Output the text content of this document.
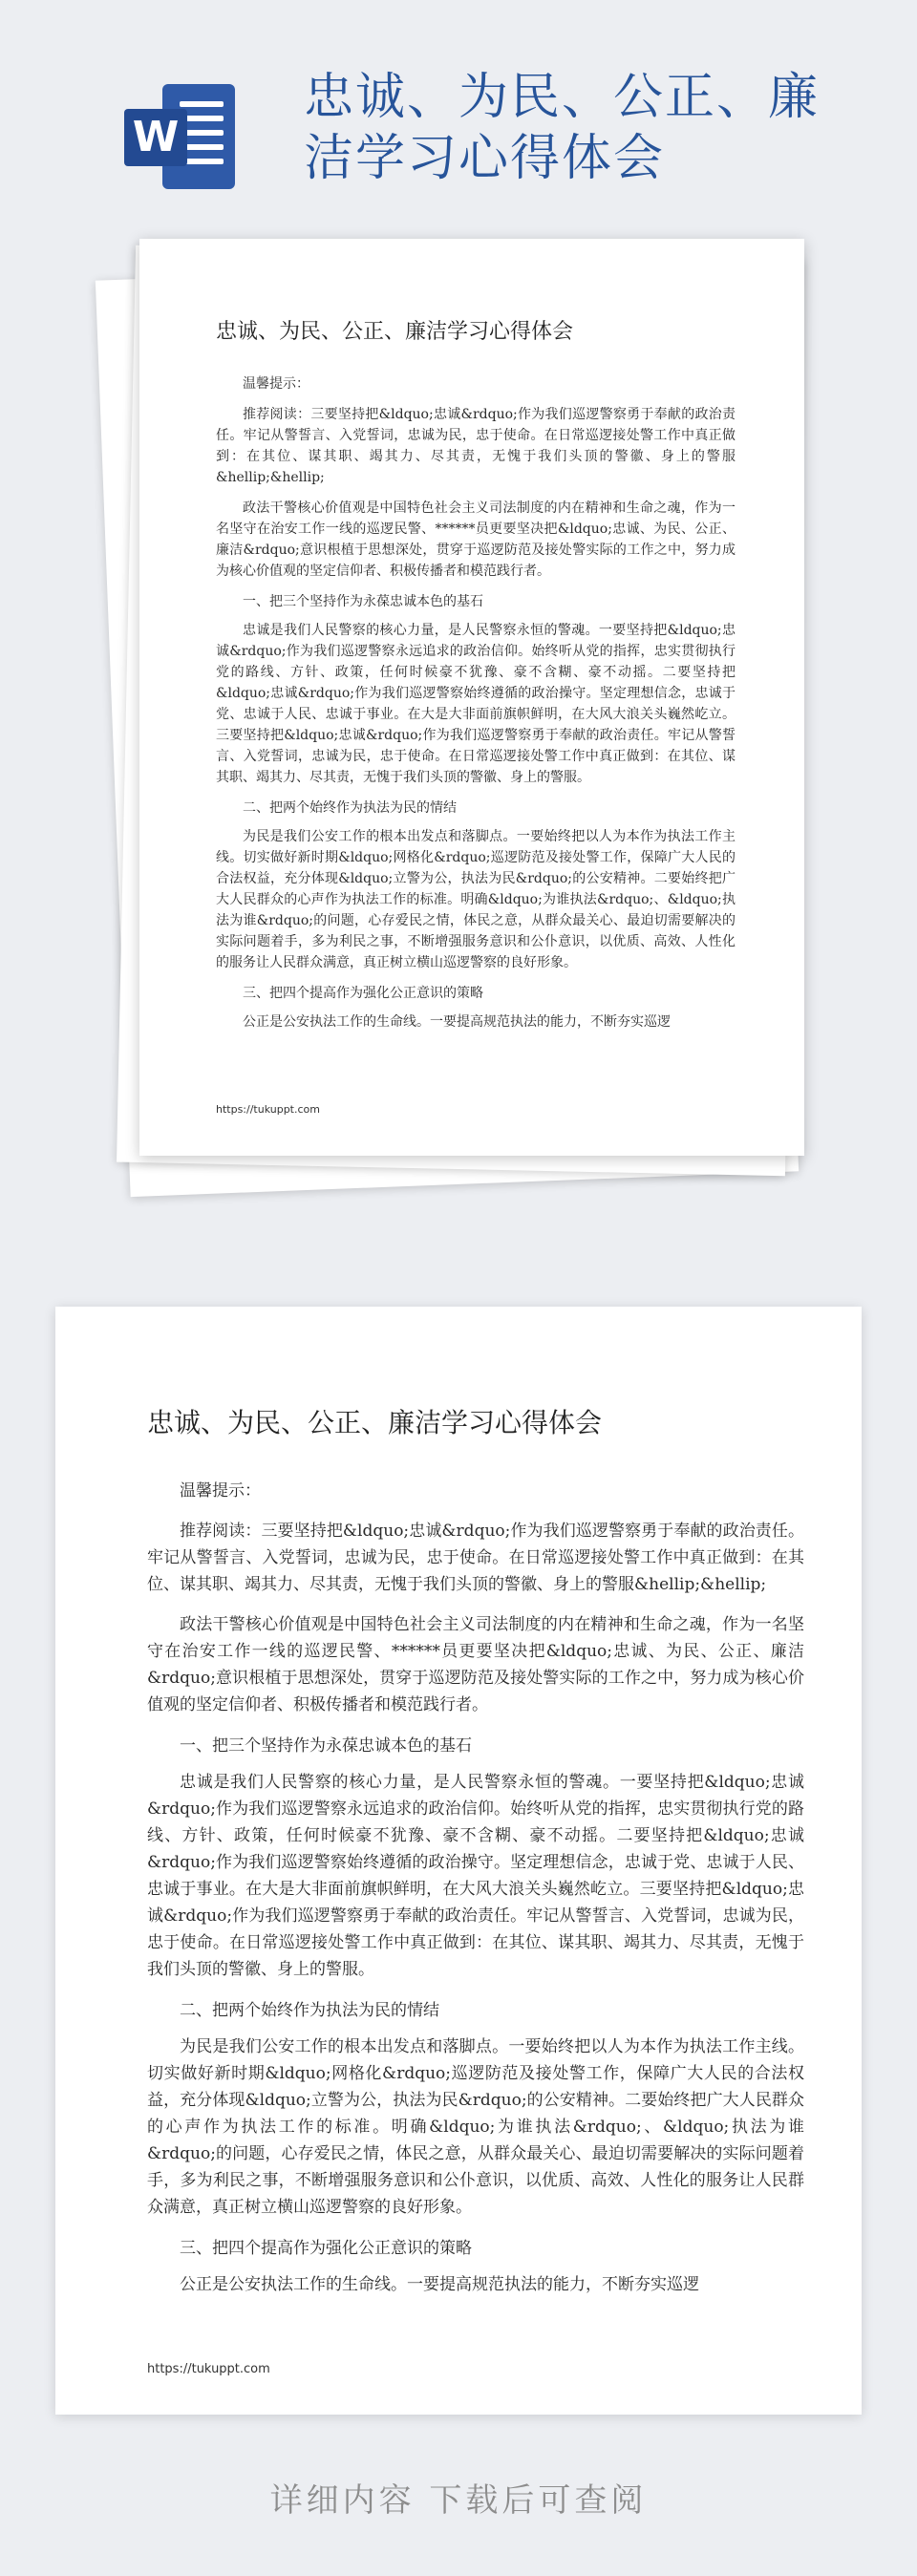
W
忠诚、为民、公正、廉洁学习心得体会
忠诚、为民、公正、廉洁学习心得体会
温馨提示：

推荐阅读：三要坚持把&ldquo;忠诚&rdquo;作为我们巡逻警察勇于奉献的政治责任。牢记从警誓言、入党誓词，忠诚为民，忠于使命。在日常巡逻接处警工作中真正做到：在其位、谋其职、竭其力、尽其责，无愧于我们头顶的警徽、身上的警服&hellip;&hellip;

政法干警核心价值观是中国特色社会主义司法制度的内在精神和生命之魂，作为一名坚守在治安工作一线的巡逻民警、******员更要坚决把&ldquo;忠诚、为民、公正、廉洁&rdquo;意识根植于思想深处，贯穿于巡逻防范及接处警实际的工作之中，努力成为核心价值观的坚定信仰者、积极传播者和模范践行者。

一、把三个坚持作为永葆忠诚本色的基石

忠诚是我们人民警察的核心力量，是人民警察永恒的警魂。一要坚持把&ldquo;忠诚&rdquo;作为我们巡逻警察永远追求的政治信仰。始终听从党的指挥，忠实贯彻执行党的路线、方针、政策，任何时候豪不犹豫、豪不含糊、豪不动摇。二要坚持把&ldquo;忠诚&rdquo;作为我们巡逻警察始终遵循的政治操守。坚定理想信念，忠诚于党、忠诚于人民、忠诚于事业。在大是大非面前旗帜鲜明，在大风大浪关头巍然屹立。三要坚持把&ldquo;忠诚&rdquo;作为我们巡逻警察勇于奉献的政治责任。牢记从警誓言、入党誓词，忠诚为民，忠于使命。在日常巡逻接处警工作中真正做到：在其位、谋其职、竭其力、尽其责，无愧于我们头顶的警徽、身上的警服。

二、把两个始终作为执法为民的情结

为民是我们公安工作的根本出发点和落脚点。一要始终把以人为本作为执法工作主线。切实做好新时期&ldquo;网格化&rdquo;巡逻防范及接处警工作，保障广大人民的合法权益，充分体现&ldquo;立警为公，执法为民&rdquo;的公安精神。二要始终把广大人民群众的心声作为执法工作的标准。明确&ldquo;为谁执法&rdquo;、&ldquo;执法为谁&rdquo;的问题，心存爱民之情，体民之意，从群众最关心、最迫切需要解决的实际问题着手，多为利民之事，不断增强服务意识和公仆意识，以优质、高效、人性化的服务让人民群众满意，真正树立横山巡逻警察的良好形象。

三、把四个提高作为强化公正意识的策略

公正是公安执法工作的生命线。一要提高规范执法的能力，不断夯实巡逻

https://tukuppt.com
忠诚、为民、公正、廉洁学习心得体会
温馨提示：

推荐阅读：三要坚持把&ldquo;忠诚&rdquo;作为我们巡逻警察勇于奉献的政治责任。牢记从警誓言、入党誓词，忠诚为民，忠于使命。在日常巡逻接处警工作中真正做到：在其位、谋其职、竭其力、尽其责，无愧于我们头顶的警徽、身上的警服&hellip;&hellip;

政法干警核心价值观是中国特色社会主义司法制度的内在精神和生命之魂，作为一名坚守在治安工作一线的巡逻民警、******员更要坚决把&ldquo;忠诚、为民、公正、廉洁&rdquo;意识根植于思想深处，贯穿于巡逻防范及接处警实际的工作之中，努力成为核心价值观的坚定信仰者、积极传播者和模范践行者。

一、把三个坚持作为永葆忠诚本色的基石

忠诚是我们人民警察的核心力量，是人民警察永恒的警魂。一要坚持把&ldquo;忠诚&rdquo;作为我们巡逻警察永远追求的政治信仰。始终听从党的指挥，忠实贯彻执行党的路线、方针、政策，任何时候豪不犹豫、豪不含糊、豪不动摇。二要坚持把&ldquo;忠诚&rdquo;作为我们巡逻警察始终遵循的政治操守。坚定理想信念，忠诚于党、忠诚于人民、忠诚于事业。在大是大非面前旗帜鲜明，在大风大浪关头巍然屹立。三要坚持把&ldquo;忠诚&rdquo;作为我们巡逻警察勇于奉献的政治责任。牢记从警誓言、入党誓词，忠诚为民，忠于使命。在日常巡逻接处警工作中真正做到：在其位、谋其职、竭其力、尽其责，无愧于我们头顶的警徽、身上的警服。

二、把两个始终作为执法为民的情结

为民是我们公安工作的根本出发点和落脚点。一要始终把以人为本作为执法工作主线。切实做好新时期&ldquo;网格化&rdquo;巡逻防范及接处警工作，保障广大人民的合法权益，充分体现&ldquo;立警为公，执法为民&rdquo;的公安精神。二要始终把广大人民群众的心声作为执法工作的标准。明确&ldquo;为谁执法&rdquo;、&ldquo;执法为谁&rdquo;的问题，心存爱民之情，体民之意，从群众最关心、最迫切需要解决的实际问题着手，多为利民之事，不断增强服务意识和公仆意识，以优质、高效、人性化的服务让人民群众满意，真正树立横山巡逻警察的良好形象。

三、把四个提高作为强化公正意识的策略

公正是公安执法工作的生命线。一要提高规范执法的能力，不断夯实巡逻

https://tukuppt.com
详细内容 下载后可查阅
